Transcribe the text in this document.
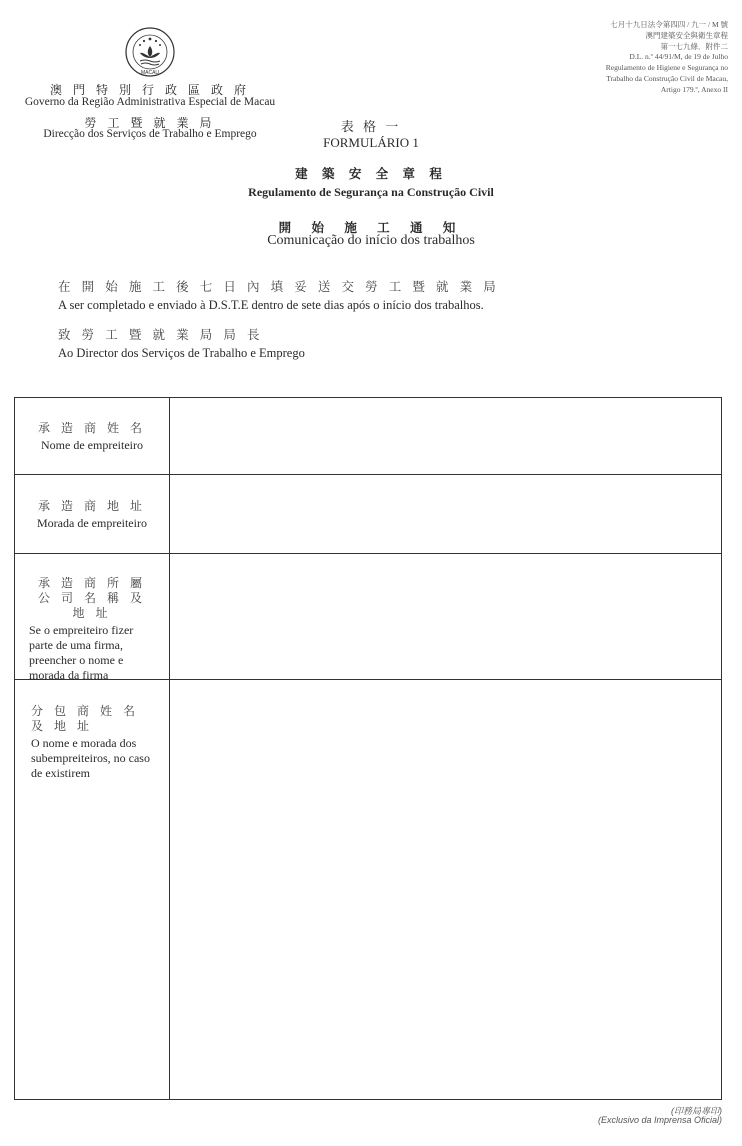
MACAU
澳 門 特 別 行 政 區 政 府
Governo da Região Administrativa Especial de Macau
勞 工 暨 就 業 局
Direcção dos Serviços de Trabalho e Emprego
七月十九日法令第四四 / 九一 / M 號
澳門建築安全與衛生章程
第一七九條．附件二
D.L. n.º 44/91/M, de 19 de Julho
Regulamento de Higiene e Segurança no
Trabalho da Construção Civil de Macau,
Artigo 179.º, Anexo II
表 格 一
FORMULÁRIO 1
建 築 安 全 章 程
Regulamento de Segurança na Construção Civil
開 始 施 工 通 知
Comunicação do início dos trabalhos
在 開 始 施 工 後 七 日 內 填 妥 送 交 勞 工 暨 就 業 局
A ser completado e enviado à D.S.T.E dentro de sete dias após o início dos trabalhos.
致 勞 工 暨 就 業 局 局 長
Ao Director dos Serviços de Trabalho e Emprego
承 造 商 姓 名
Nome de empreiteiro
承 造 商 地 址
Morada de empreiteiro
承 造 商 所 屬 公 司 名 稱 及 地 址
Se o empreiteiro fizer parte de uma firma, preencher o nome e morada da firma
分 包 商 姓 名 及 地 址
O nome e morada dos subempreiteiros, no caso de existirem
(印務局專印)
(Exclusivo da Imprensa Oficial)
